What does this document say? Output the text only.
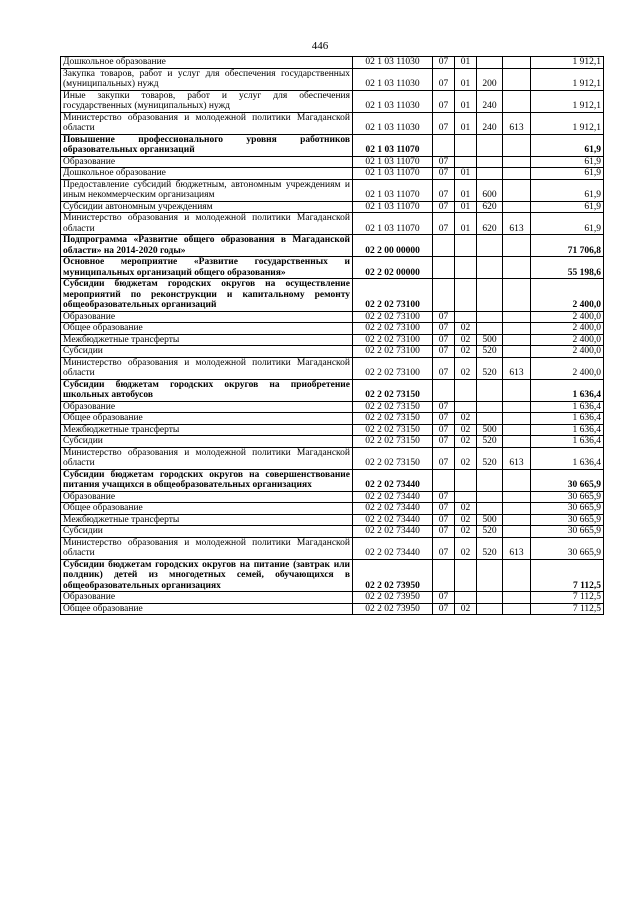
446
Дошкольное образование	02 1 03 11030	07	01			1 912,1
Закупка товаров, работ и услуг для обеспечения государственных (муниципальных) нужд	02 1 03 11030	07	01	200		1 912,1
Иные закупки товаров, работ и услуг для обеспечения государственных (муниципальных) нужд	02 1 03 11030	07	01	240		1 912,1
Министерство образования и молодежной политики Магаданской области	02 1 03 11030	07	01	240	613	1 912,1
Повышение профессионального уровня работников образовательных организаций	02 1 03 11070					61,9
Образование	02 1 03 11070	07				61,9
Дошкольное образование	02 1 03 11070	07	01			61,9
Предоставление субсидий бюджетным, автономным учреждениям и иным некоммерческим организациям	02 1 03 11070	07	01	600		61,9
Субсидии автономным учреждениям	02 1 03 11070	07	01	620		61,9
Министерство образования и молодежной политики Магаданской области	02 1 03 11070	07	01	620	613	61,9
Подпрограмма «Развитие общего образования в Магаданской области» на 2014-2020 годы»	02 2 00 00000					71 706,8
Основное мероприятие «Развитие государственных и муниципальных организаций общего образования»	02 2 02 00000					55 198,6
Субсидии бюджетам городских округов на осуществление мероприятий по реконструкции и капитальному ремонту общеобразовательных организаций	02 2 02 73100					2 400,0
Образование	02 2 02 73100	07				2 400,0
Общее образование	02 2 02 73100	07	02			2 400,0
Межбюджетные трансферты	02 2 02 73100	07	02	500		2 400,0
Субсидии	02 2 02 73100	07	02	520		2 400,0
Министерство образования и молодежной политики Магаданской области	02 2 02 73100	07	02	520	613	2 400,0
Субсидии бюджетам городских округов на приобретение школьных автобусов	02 2 02 73150					1 636,4
Образование	02 2 02 73150	07				1 636,4
Общее образование	02 2 02 73150	07	02			1 636,4
Межбюджетные трансферты	02 2 02 73150	07	02	500		1 636,4
Субсидии	02 2 02 73150	07	02	520		1 636,4
Министерство образования и молодежной политики Магаданской области	02 2 02 73150	07	02	520	613	1 636,4
Субсидии бюджетам городских округов на совершенствование питания учащихся в общеобразовательных организациях	02 2 02 73440					30 665,9
Образование	02 2 02 73440	07				30 665,9
Общее образование	02 2 02 73440	07	02			30 665,9
Межбюджетные трансферты	02 2 02 73440	07	02	500		30 665,9
Субсидии	02 2 02 73440	07	02	520		30 665,9
Министерство образования и молодежной политики Магаданской области	02 2 02 73440	07	02	520	613	30 665,9
Субсидии бюджетам городских округов на питание (завтрак или полдник) детей из многодетных семей, обучающихся в общеобразовательных организациях	02 2 02 73950					7 112,5
Образование	02 2 02 73950	07				7 112,5
Общее образование	02 2 02 73950	07	02			7 112,5
